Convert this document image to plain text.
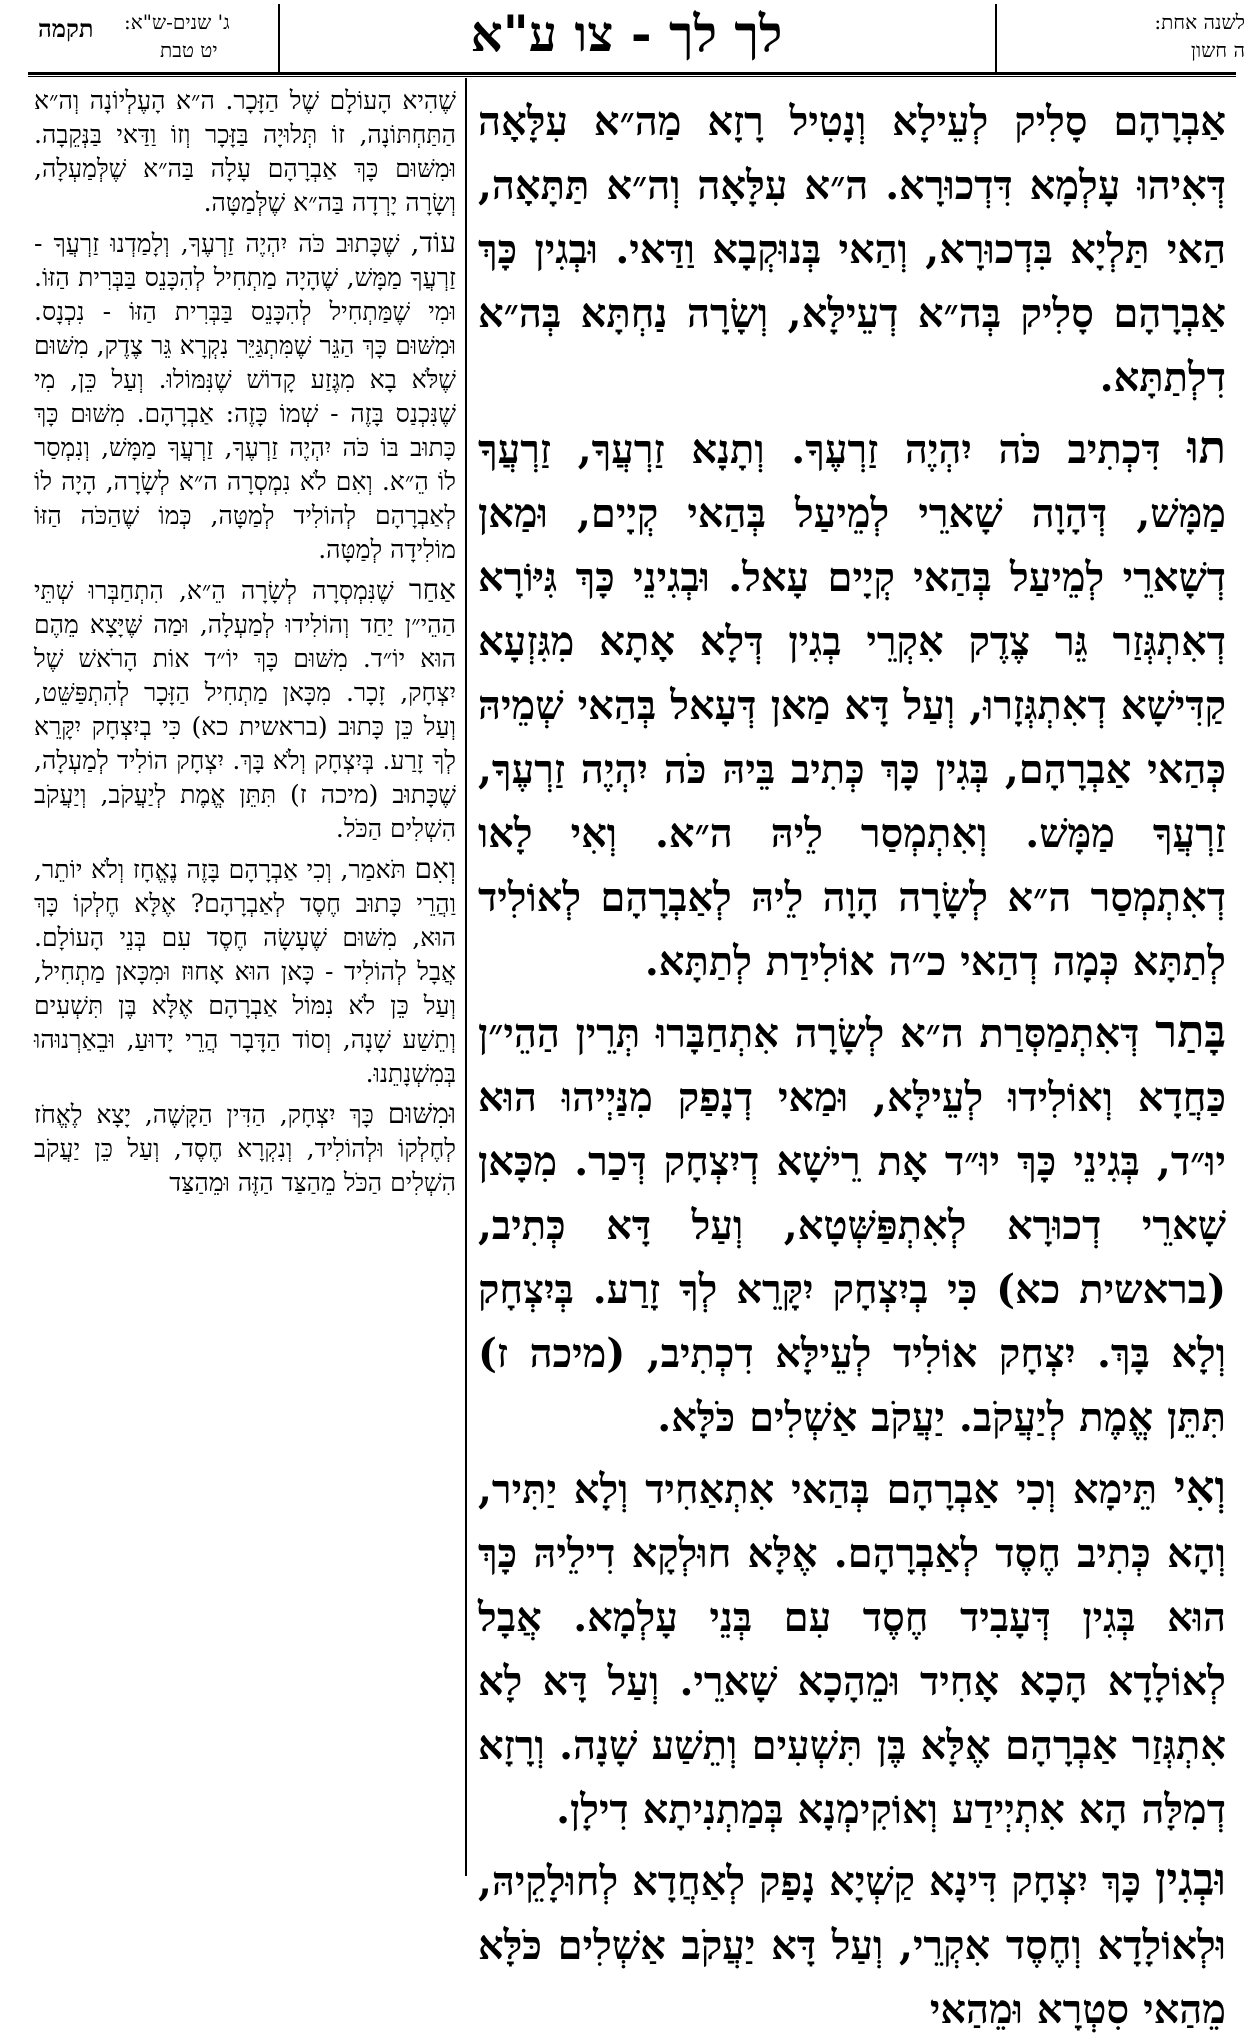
לשנה אחת:
ה חשון
לך לך - צו ע"א
ג' שנים-ש"א:
יט טבת
תקמה

אַבְרָהָם סָלִיק לְעֵילָא וְנָטִיל רָזָא מַה״א עִלָּאָה דְּאִיהוּ עָלְמָא דִּדְכוּרָא. ה״א עִלָּאָה וְה״א תַּתָּאָה, הַאי תַּלְיָא בִּדְכוּרָא, וְהַאי בְּנוּקְבָא וַדַּאי. וּבְגִין כָּךְ אַבְרָהָם סָלִיק בְּה״א דְעֵילָּא, וְשָׂרָה נַחְתָּא בְּה״א דִלְתַתָּא.

תוּ דִּכְתִיב כֹּה יִהְיֶה זַרְעֶךָ. וְתָנָא זַרְעֲךָ, זַרְעֲךָ מַמָּשׁ, דְּהָוָה שָׁארֵי לְמֵיעַל בְּהַאי קְיָים, וּמַאן דְשָׁארֵי לְמֵיעַל בְּהַאי קְיָים עָאל. וּבְגִינֵי כָּךְ גִּיּוֹרָא דְאִתְגְּזַר גֵּר צֶדֶק אִקְרֵי בְגִין דְּלָא אָתָא מִגִּזְעָא קַדִּישָׁא דְאִתְגְּזָרוּ, וְעַל דָּא מַאן דְּעָאל בְּהַאי שְׁמֵיהּ כְּהַאי אַבְרָהָם, בְּגִין כָּךְ כְּתִיב בֵּיהּ כֹּה יִהְיֶה זַרְעֶךָ, זַרְעֲךָ מַמָּשׁ. וְאִתְמְסַר לֵיהּ ה״א. וְאִי לָאו דְאִתְמְסַר ה״א לְשָׂרָה הָוָה לֵיהּ לְאַבְרָהָם לְאוֹלִיד לְתַתָּא כְּמָה דְהַאי כ״ה אוֹלִידַת לְתַתָּא.

בָּתַר דְּאִתְמַסְּרַת ה״א לְשָׂרָה אִתְחַבָּרוּ תְּרֵין הַהֵי״ן כַּחֲדָא וְאוֹלִידוּ לְעֵילָּא, וּמַאי דְנָפַק מִנַּיְיהוּ הוּא יוּ״ד, בְּגִינֵי כָּךְ יוּ״ד אָת רֵישָׁא דְיִצְחָק דְּכַר. מִכָּאן שָׁארֵי דְכוּרָא לְאִתְפַּשְּׁטָא, וְעַל דָּא כְּתִיב, (בראשית כא) כִּי בְיִצְחָק יִקָּרֵא לְךָ זָרַע. בְּיִצְחָק וְלָא בָּךְ. יִצְחָק אוֹלִיד לְעֵילָּא דִכְתִיב, (מיכה ז) תִּתֵּן אֱמֶת לְיַעֲקֹב. יַעֲקֹב אַשְׁלִים כֹּלָּא.

וְאִי תֵּימָא וְכִי אַבְרָהָם בְּהַאי אִתְאַחִיד וְלָא יַתִּיר, וְהָא כְּתִיב חֶסֶד לְאַבְרָהָם. אֶלָּא חוּלְקָא דִילֵיהּ כָּךְ הוּא בְּגִין דְּעָבִיד חֶסֶד עִם בְּנֵי עָלְמָא. אֲבָל לְאוֹלָדָא הָכָא אָחִיד וּמֵהָכָא שָׁארֵי. וְעַל דָּא לָא אִתְגְּזַר אַבְרָהָם אֶלָּא בֶּן תִּשְׁעִים וְתֵשַׁע שָׁנָה. וְרָזָא דְמִלָּה הָא אִתְיְידַע וְאוֹקִימְנָא בְּמַתְנִיתָא דִילָן.

וּבְגִין כָּךְ יִצְחָק דִּינָא קַשְׁיָא נָפַק לְאַחֲדָא לְחוּלָקֵיהּ, וּלְאוֹלָדָא וְחֶסֶד אִקְרֵי, וְעַל דָּא יַעֲקֹב אַשְׁלִים כֹּלָּא מֵהַאי סִטְרָא וּמֵהַאי

שֶׁהִיא הָעוֹלָם שֶׁל הַזָּכָר. ה״א הָעֶלְיוֹנָה וְה״א הַתַּחְתּוֹנָה, זוֹ תְּלוּיָה בַּזָּכָר וְזוֹ וַדַּאי בַּנְּקֵבָה. וּמִשּׁוּם כָּךְ אַבְרָהָם עָלָה בַּה״א שֶׁלְּמַעְלָה, וְשָׂרָה יָרְדָה בַּה״א שֶׁלְּמַטָּה.

עוֹד, שֶׁכָּתוּב כֹּה יִהְיֶה זַרְעֶךָ, וְלָמַדְנוּ זַרְעֲךָ - זַרְעֲךָ מַמָּשׁ, שֶׁהָיָה מַתְחִיל לְהִכָּנֵס בַּבְּרִית הַזּוֹ. וּמִי שֶׁמַּתְחִיל לְהִכָּנֵס בַּבְּרִית הַזּוֹ - נִכְנָס. וּמִשּׁוּם כָּךְ הַגֵּר שֶׁמִּתְגַּיֵּר נִקְרָא גֵּר צֶדֶק, מִשּׁוּם שֶׁלֹּא בָא מִגֶּזַע קָדוֹשׁ שֶׁנִּמּוֹלוּ. וְעַל כֵּן, מִי שֶׁנִּכְנַס בָּזֶה - שְׁמוֹ כָּזֶה: אַבְרָהָם. מִשּׁוּם כָּךְ כָּתוּב בּוֹ כֹּה יִהְיֶה זַרְעֶךָ, זַרְעֲךָ מַמָּשׁ, וְנִמְסַר לוֹ הֵ״א. וְאִם לֹא נִמְסְרָה ה״א לְשָׂרָה, הָיָה לוֹ לְאַבְרָהָם לְהוֹלִיד לְמַטָּה, כְּמוֹ שֶׁהַכֹּה הַזּוֹ מוֹלִידָה לְמַטָּה.

אַחַר שֶׁנִּמְסְרָה לְשָׂרָה הֵ״א, הִתְחַבְּרוּ שְׁתֵּי הַהֵי״ן יַחַד וְהוֹלִידוּ לְמַעְלָה, וּמַה שֶּׁיָּצָא מֵהֶם הוּא יוֹ״ד. מִשּׁוּם כָּךְ יוֹ״ד אוֹת הָרֹאשׁ שֶׁל יִצְחָק, זָכָר. מִכָּאן מַתְחִיל הַזָּכָר לְהִתְפַּשֵּׁט, וְעַל כֵּן כָּתוּב (בראשית כא) כִּי בְיִצְחָק יִקָּרֵא לְךָ זָרַע. בְּיִצְחָק וְלֹא בָּךְ. יִצְחָק הוֹלִיד לְמַעְלָה, שֶׁכָּתוּב (מיכה ז) תִּתֵּן אֱמֶת לְיַעֲקֹב, וְיַעֲקֹב הִשְׁלִים הַכֹּל.

וְאִם תֹּאמַר, וְכִי אַבְרָהָם בָּזֶה נֶאֱחָז וְלֹא יוֹתֵר, וַהֲרֵי כָּתוּב חֶסֶד לְאַבְרָהָם? אֶלָּא חֶלְקוֹ כָּךְ הוּא, מִשּׁוּם שֶׁעָשָׂה חֶסֶד עִם בְּנֵי הָעוֹלָם. אֲבָל לְהוֹלִיד - כָּאן הוּא אָחוּז וּמִכָּאן מַתְחִיל, וְעַל כֵּן לֹא נִמּוֹל אַבְרָהָם אֶלָּא בֶּן תִּשְׁעִים וְתֵשַׁע שָׁנָה, וְסוֹד הַדָּבָר הֲרֵי יָדוּעַ, וּבֵאַרְנוּהוּ בְּמִשְׁנָתֵנוּ.

וּמִשּׁוּם כָּךְ יִצְחָק, הַדִּין הַקָּשֶׁה, יָצָא לֶאֱחֹז לְחֶלְקוֹ וּלְהוֹלִיד, וְנִקְרָא חֶסֶד, וְעַל כֵּן יַעֲקֹב הִשְׁלִים הַכֹּל מֵהַצַּד הַזֶּה וּמֵהַצַּד
